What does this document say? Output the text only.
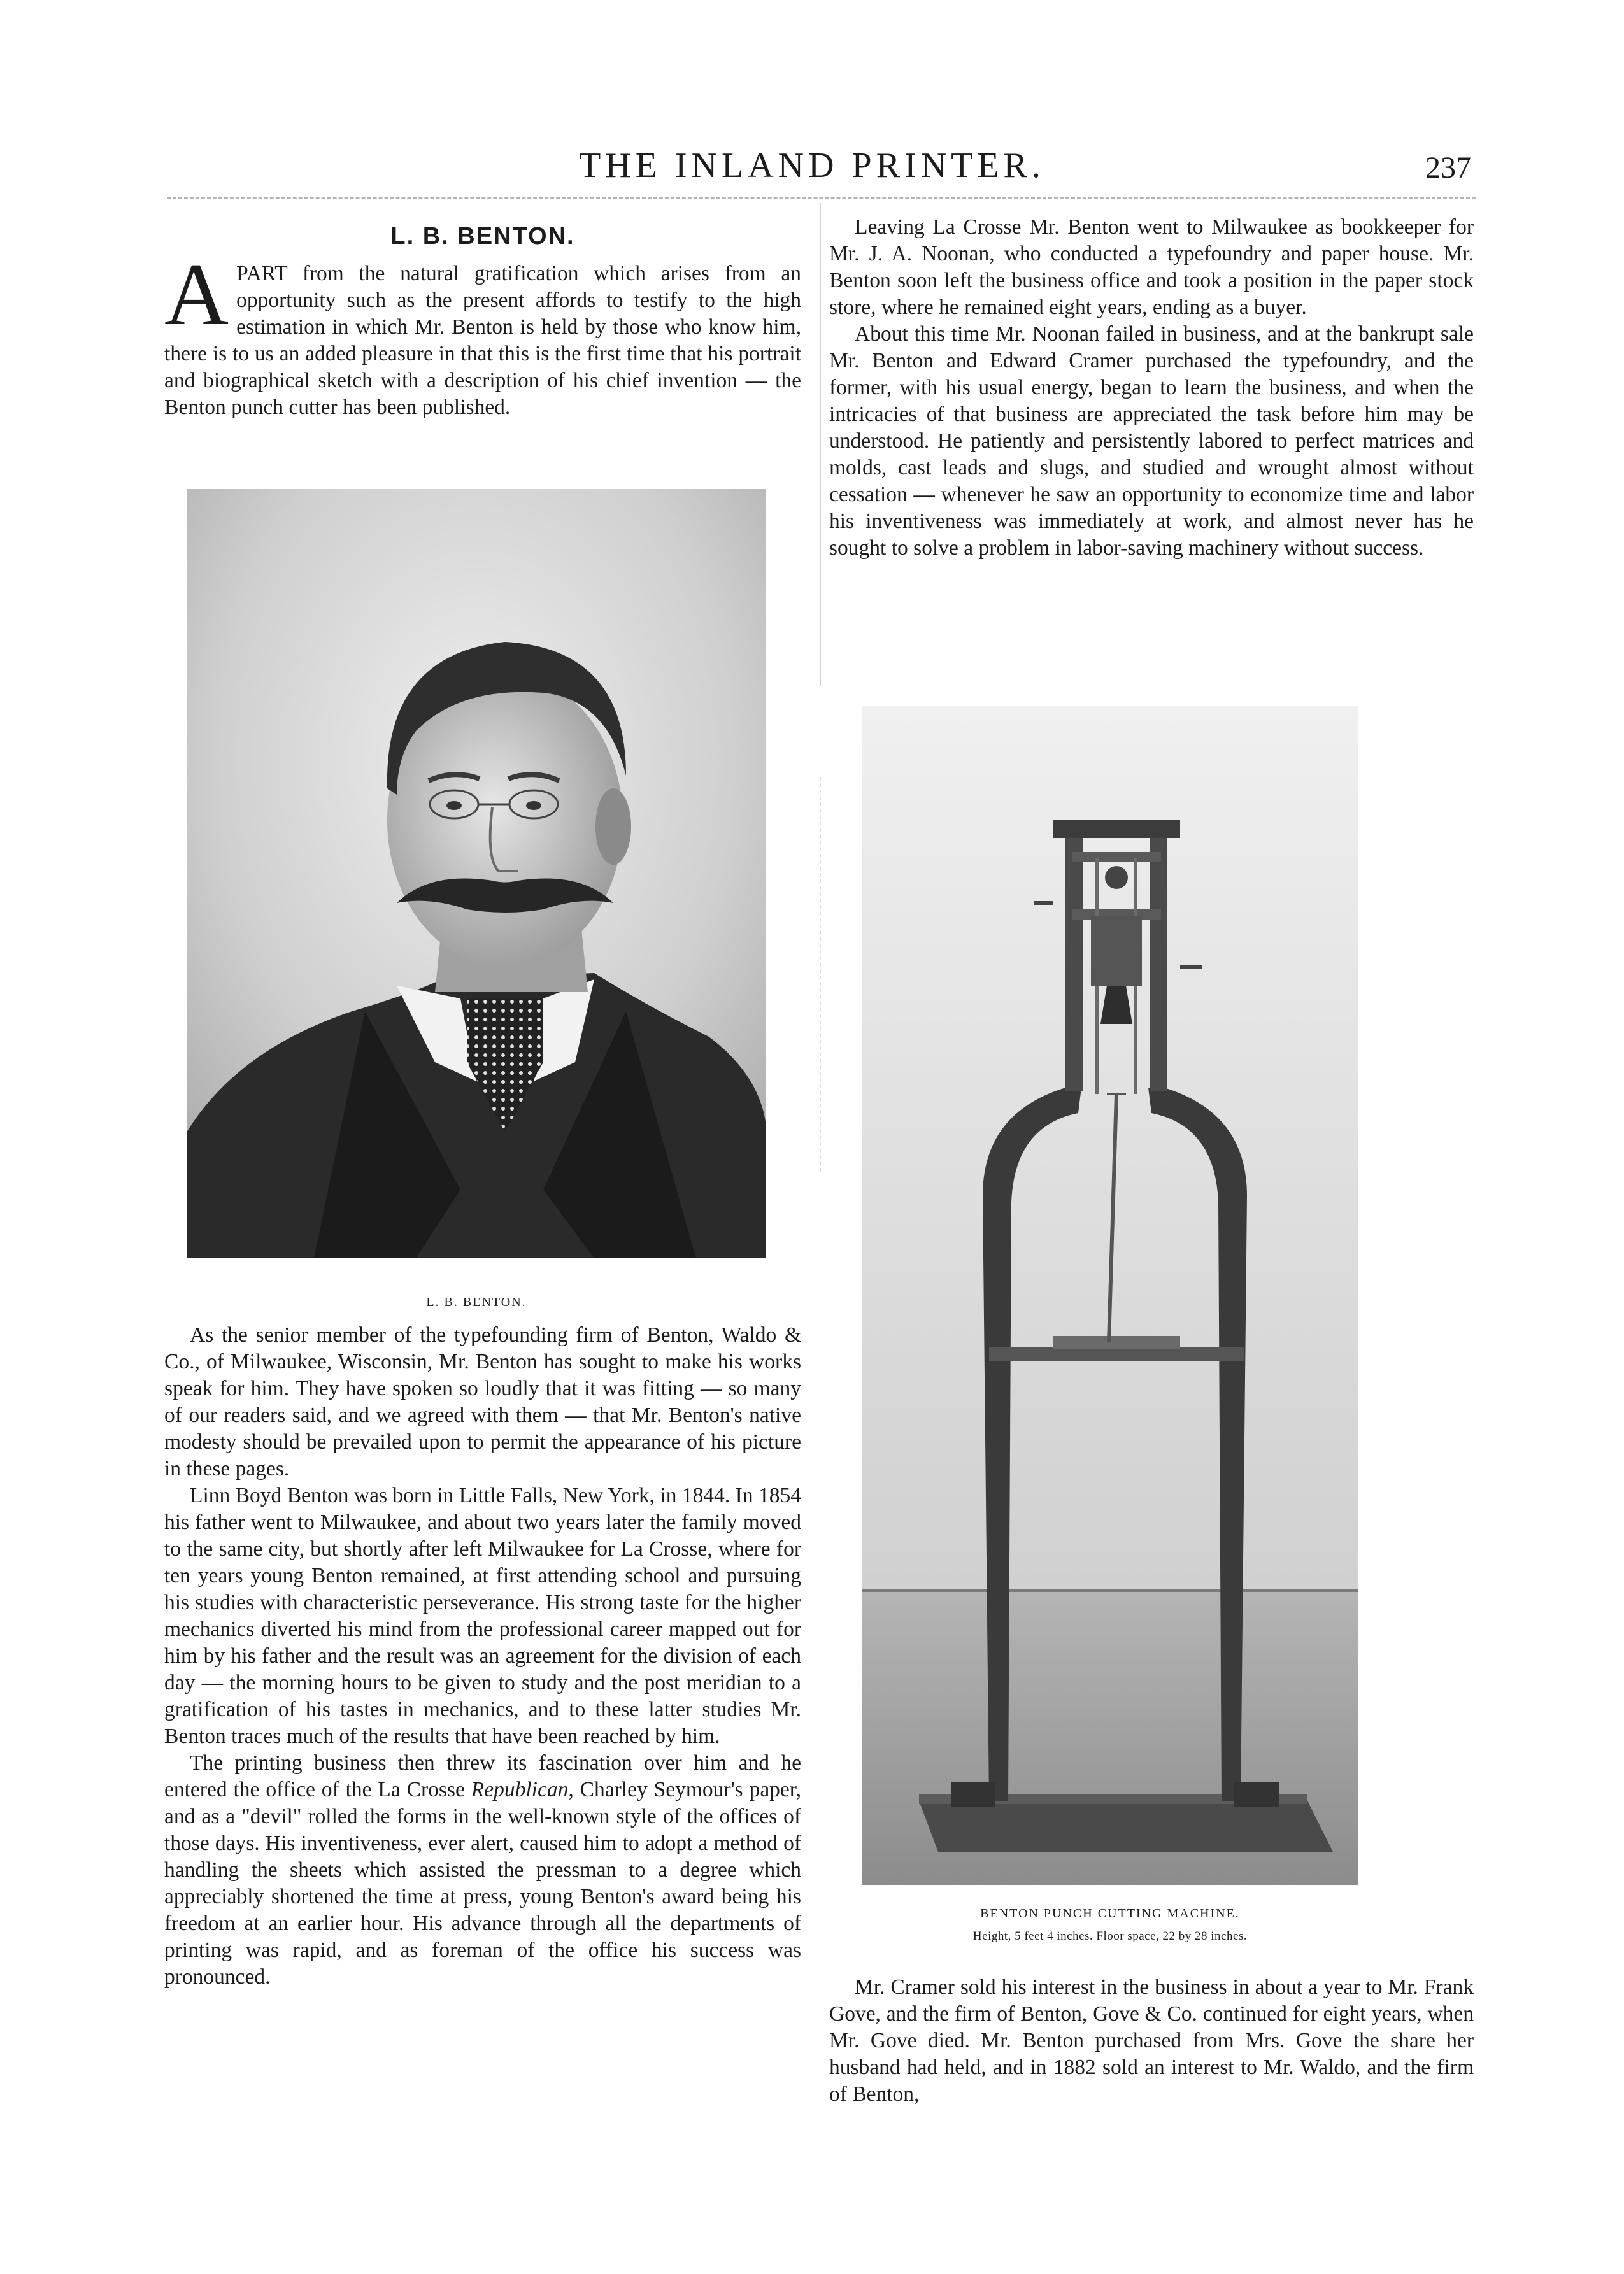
THE INLAND PRINTER.	237
L. B. BENTON.

APART from the natural gratification which arises from an opportunity such as the present affords to testify to the high estimation in which Mr. Benton is held by those who know him, there is to us an added pleasure in that this is the first time that his portrait and biographical sketch with a description of his chief invention — the Benton punch cutter has been published.

L. B. BENTON.

As the senior member of the typefounding firm of Benton, Waldo & Co., of Milwaukee, Wisconsin, Mr. Benton has sought to make his works speak for him. They have spoken so loudly that it was fitting — so many of our readers said, and we agreed with them — that Mr. Benton's native modesty should be prevailed upon to permit the appearance of his picture in these pages.

Linn Boyd Benton was born in Little Falls, New York, in 1844. In 1854 his father went to Milwaukee, and about two years later the family moved to the same city, but shortly after left Milwaukee for La Crosse, where for ten years young Benton remained, at first attending school and pursuing his studies with characteristic perseverance. His strong taste for the higher mechanics diverted his mind from the professional career mapped out for him by his father and the result was an agreement for the division of each day — the morning hours to be given to study and the post meridian to a gratification of his tastes in mechanics, and to these latter studies Mr. Benton traces much of the results that have been reached by him.

The printing business then threw its fascination over him and he entered the office of the La Crosse Republican, Charley Seymour's paper, and as a "devil" rolled the forms in the well-known style of the offices of those days. His inventiveness, ever alert, caused him to adopt a method of handling the sheets which assisted the pressman to a degree which appreciably shortened the time at press, young Benton's award being his freedom at an earlier hour. His advance through all the departments of printing was rapid, and as foreman of the office his success was pronounced.

Leaving La Crosse Mr. Benton went to Milwaukee as bookkeeper for Mr. J. A. Noonan, who conducted a typefoundry and paper house. Mr. Benton soon left the business office and took a position in the paper stock store, where he remained eight years, ending as a buyer.

About this time Mr. Noonan failed in business, and at the bankrupt sale Mr. Benton and Edward Cramer purchased the typefoundry, and the former, with his usual energy, began to learn the business, and when the intricacies of that business are appreciated the task before him may be understood. He patiently and persistently labored to perfect matrices and molds, cast leads and slugs, and studied and wrought almost without cessation — whenever he saw an opportunity to economize time and labor his inventiveness was immediately at work, and almost never has he sought to solve a problem in labor-saving machinery without success.

BENTON PUNCH CUTTING MACHINE.
Height, 5 feet 4 inches. Floor space, 22 by 28 inches.

Mr. Cramer sold his interest in the business in about a year to Mr. Frank Gove, and the firm of Benton, Gove & Co. continued for eight years, when Mr. Gove died. Mr. Benton purchased from Mrs. Gove the share her husband had held, and in 1882 sold an interest to Mr. Waldo, and the firm of Benton,
